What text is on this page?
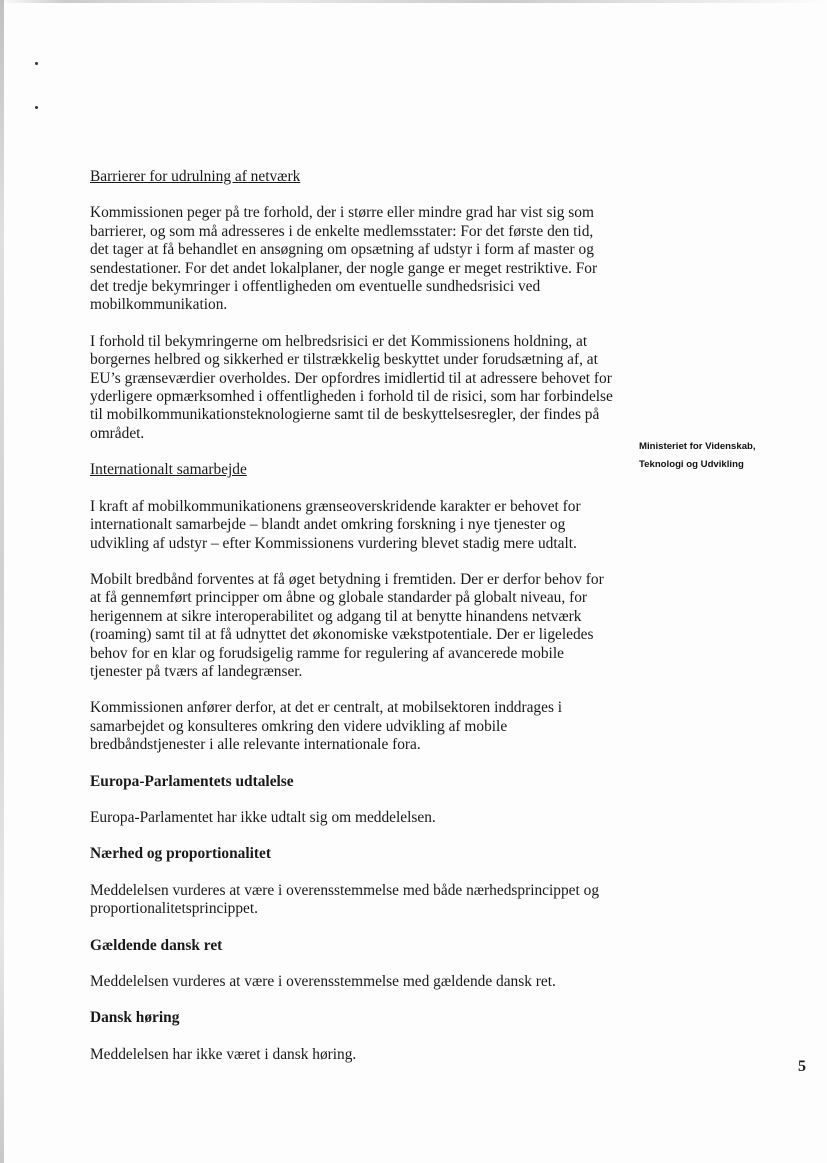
Barrierer for udrulning af netværk

Kommissionen peger på tre forhold, der i større eller mindre grad har vist sig som barrierer, og som må adresseres i de enkelte medlemsstater: For det første den tid, det tager at få behandlet en ansøgning om opsætning af udstyr i form af master og sendestationer. For det andet lokalplaner, der nogle gange er meget restriktive. For det tredje bekymringer i offentligheden om eventuelle sundhedsrisici ved mobilkommunikation.

I forhold til bekymringerne om helbredsrisici er det Kommissionens holdning, at borgernes helbred og sikkerhed er tilstrækkelig beskyttet under forudsætning af, at EU’s grænseværdier overholdes. Der opfordres imidlertid til at adressere behovet for yderligere opmærksomhed i offentligheden i forhold til de risici, som har forbindelse til mobilkommunikationsteknologierne samt til de beskyttelsesregler, der findes på området.

Internationalt samarbejde

I kraft af mobilkommunikationens grænseoverskridende karakter er behovet for internationalt samarbejde – blandt andet omkring forskning i nye tjenester og udvikling af udstyr – efter Kommissionens vurdering blevet stadig mere udtalt.

Mobilt bredbånd forventes at få øget betydning i fremtiden. Der er derfor behov for at få gennemført principper om åbne og globale standarder på globalt niveau, for herigennem at sikre interoperabilitet og adgang til at benytte hinandens netværk (roaming) samt til at få udnyttet det økonomiske vækstpotentiale. Der er ligeledes behov for en klar og forudsigelig ramme for regulering af avancerede mobile tjenester på tværs af landegrænser.

Kommissionen anfører derfor, at det er centralt, at mobilsektoren inddrages i samarbejdet og konsulteres omkring den videre udvikling af mobile bredbåndstjenester i alle relevante internationale fora.

Europa-Parlamentets udtalelse

Europa-Parlamentet har ikke udtalt sig om meddelelsen.

Nærhed og proportionalitet

Meddelelsen vurderes at være i overensstemmelse med både nærhedsprincippet og proportionalitetsprincippet.

Gældende dansk ret

Meddelelsen vurderes at være i overensstemmelse med gældende dansk ret.

Dansk høring

Meddelelsen har ikke været i dansk høring.

Ministeriet for Videnskab,
Teknologi og Udvikling
5
